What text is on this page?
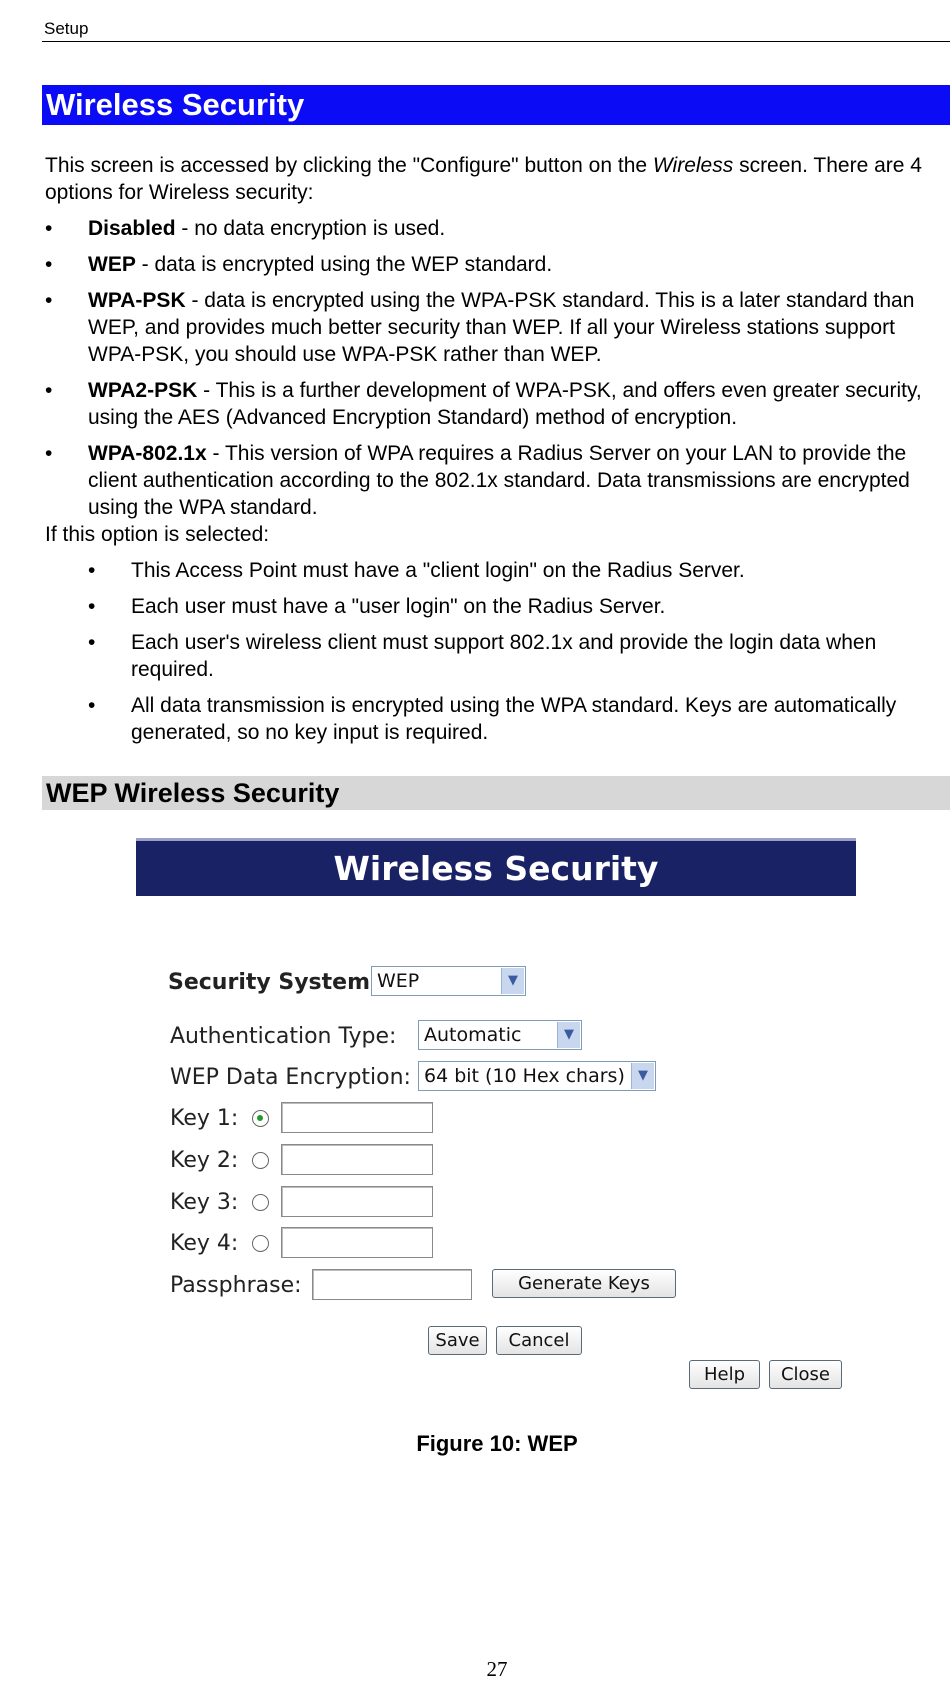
Setup
Wireless Security

This screen is accessed by clicking the "Configure" button on the Wireless screen. There are 4 options for Wireless security:

• Disabled - no data encryption is used.
• WEP - data is encrypted using the WEP standard.
• WPA-PSK - data is encrypted using the WPA-PSK standard. This is a later standard than WEP, and provides much better security than WEP. If all your Wireless stations support WPA-PSK, you should use WPA-PSK rather than WEP.
• WPA2-PSK - This is a further development of WPA-PSK, and offers even greater security, using the AES (Advanced Encryption Standard) method of encryption.
• WPA-802.1x - This version of WPA requires a Radius Server on your LAN to provide the client authentication according to the 802.1x standard. Data transmissions are encrypted using the WPA standard.

If this option is selected:

• This Access Point must have a "client login" on the Radius Server.
• Each user must have a "user login" on the Radius Server.
• Each user's wireless client must support 802.1x and provide the login data when required.
• All data transmission is encrypted using the WPA standard. Keys are automatically generated, so no key input is required.
WEP Wireless Security
Wireless Security
Security System WEP	▼
Authentication Type:	Automatic	▼
WEP Data Encryption: 64 bit (10 Hex chars)	▼
Key 1:
Key 2:
Key 3:
Key 4:
Passphrase:	Generate Keys
Save	Cancel
Help	Close
Figure 10: WEP
27
